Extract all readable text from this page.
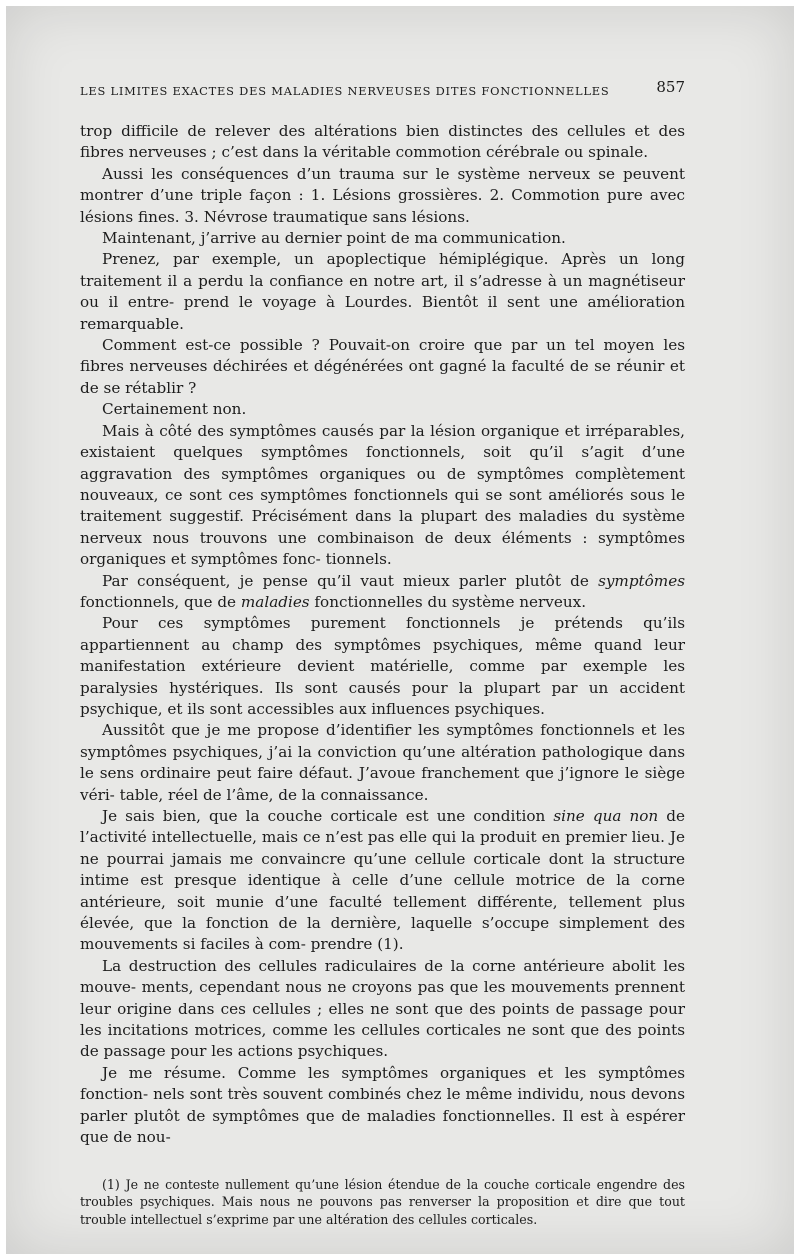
LES LIMITES EXACTES DES MALADIES NERVEUSES DITES FONCTIONNELLES	857

trop difficile de relever des altérations bien distinctes des cellules et des fibres nerveuses ; c’est dans la véritable commotion cérébrale ou spinale.

Aussi les conséquences d’un trauma sur le système nerveux se peuvent montrer d’une triple façon : 1. Lésions grossières. 2. Commotion pure avec lésions fines. 3. Névrose traumatique sans lésions.

Maintenant, j’arrive au dernier point de ma communication.

Prenez, par exemple, un apoplectique hémiplégique. Après un long traitement il a perdu la confiance en notre art, il s’adresse à un magnétiseur ou il entre- prend le voyage à Lourdes. Bientôt il sent une amélioration remarquable.

Comment est-ce possible ? Pouvait-on croire que par un tel moyen les fibres nerveuses déchirées et dégénérées ont gagné la faculté de se réunir et de se rétablir ?

Certainement non.

Mais à côté des symptômes causés par la lésion organique et irréparables, existaient quelques symptômes fonctionnels, soit qu’il s’agit d’une aggravation des symptômes organiques ou de symptômes complètement nouveaux, ce sont ces symptômes fonctionnels qui se sont améliorés sous le traitement suggestif. Précisément dans la plupart des maladies du système nerveux nous trouvons une combinaison de deux éléments : symptômes organiques et symptômes fonc- tionnels.

Par conséquent, je pense qu’il vaut mieux parler plutôt de symptômes fonctionnels, que de maladies fonctionnelles du système nerveux.

Pour ces symptômes purement fonctionnels je prétends qu’ils appartiennent au champ des symptômes psychiques, même quand leur manifestation extérieure devient matérielle, comme par exemple les paralysies hystériques. Ils sont causés pour la plupart par un accident psychique, et ils sont accessibles aux influences psychiques.

Aussitôt que je me propose d’identifier les symptômes fonctionnels et les symptômes psychiques, j’ai la conviction qu’une altération pathologique dans le sens ordinaire peut faire défaut. J’avoue franchement que j’ignore le siège véri- table, réel de l’âme, de la connaissance.

Je sais bien, que la couche corticale est une condition sine qua non de l’activité intellectuelle, mais ce n’est pas elle qui la produit en premier lieu. Je ne pourrai jamais me convaincre qu’une cellule corticale dont la structure intime est presque identique à celle d’une cellule motrice de la corne antérieure, soit munie d’une faculté tellement différente, tellement plus élevée, que la fonction de la dernière, laquelle s’occupe simplement des mouvements si faciles à com- prendre (1).

La destruction des cellules radiculaires de la corne antérieure abolit les mouve- ments, cependant nous ne croyons pas que les mouvements prennent leur origine dans ces cellules ; elles ne sont que des points de passage pour les incitations motrices, comme les cellules corticales ne sont que des points de passage pour les actions psychiques.

Je me résume. Comme les symptômes organiques et les symptômes fonction- nels sont très souvent combinés chez le même individu, nous devons parler plutôt de symptômes que de maladies fonctionnelles. Il est à espérer que de nou-

(1) Je ne conteste nullement qu’une lésion étendue de la couche corticale engendre des troubles psychiques. Mais nous ne pouvons pas renverser la proposition et dire que tout trouble intellectuel s’exprime par une altération des cellules corticales.
